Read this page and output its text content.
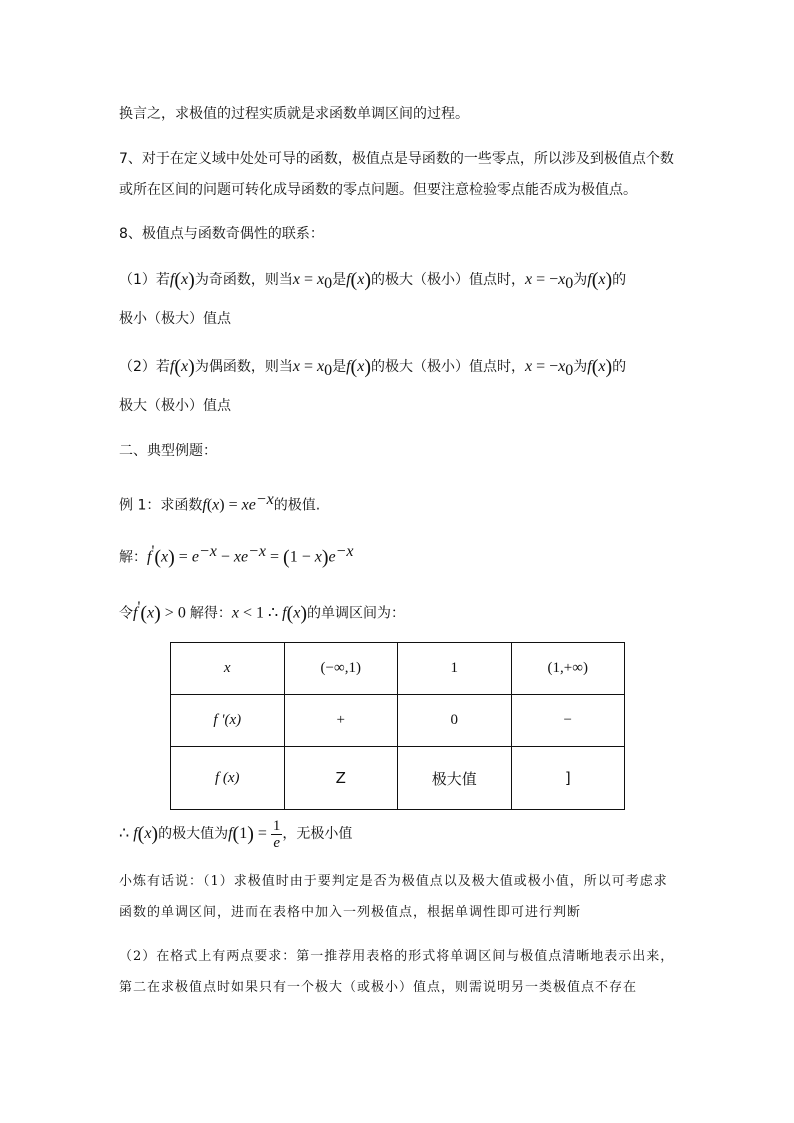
换言之，求极值的过程实质就是求函数单调区间的过程。
7、对于在定义域中处处可导的函数，极值点是导函数的一些零点，所以涉及到极值点个数
或所在区间的问题可转化成导函数的零点问题。但要注意检验零点能否成为极值点。
8、极值点与函数奇偶性的联系：
（1）若f(x)为奇函数，则当$x = x_0$是f(x)的极大（极小）值点时，$x = -x_0$为f(x)的
极小（极大）值点
（2）若f(x)为偶函数，则当$x = x_0$是f(x)的极大（极小）值点时，$x = -x_0$为f(x)的
极大（极小）值点
二、典型例题：
例 1：求函数$f(x) = xe^{-x}$的极值.
解：$f'(x) = e^{-x} - xe^{-x} = (1 - x)e^{-x}$
令f'(x) > 0 解得：x < 1 ∴ f(x)的单调区间为：
x	(−∞,1)	1	(1,+∞)
f '(x)	+	0	−
f (x)	Z	极大值	]
∴ f(x)的极大值为$f(1) = \frac{1}{e}$ ，无极小值
小炼有话说：（1）求极值时由于要判定是否为极值点以及极大值或极小值，所以可考虑求
函数的单调区间，进而在表格中加入一列极值点，根据单调性即可进行判断
（2）在格式上有两点要求：第一推荐用表格的形式将单调区间与极值点清晰地表示出来，
第二在求极值点时如果只有一个极大（或极小）值点，则需说明另一类极值点不存在
